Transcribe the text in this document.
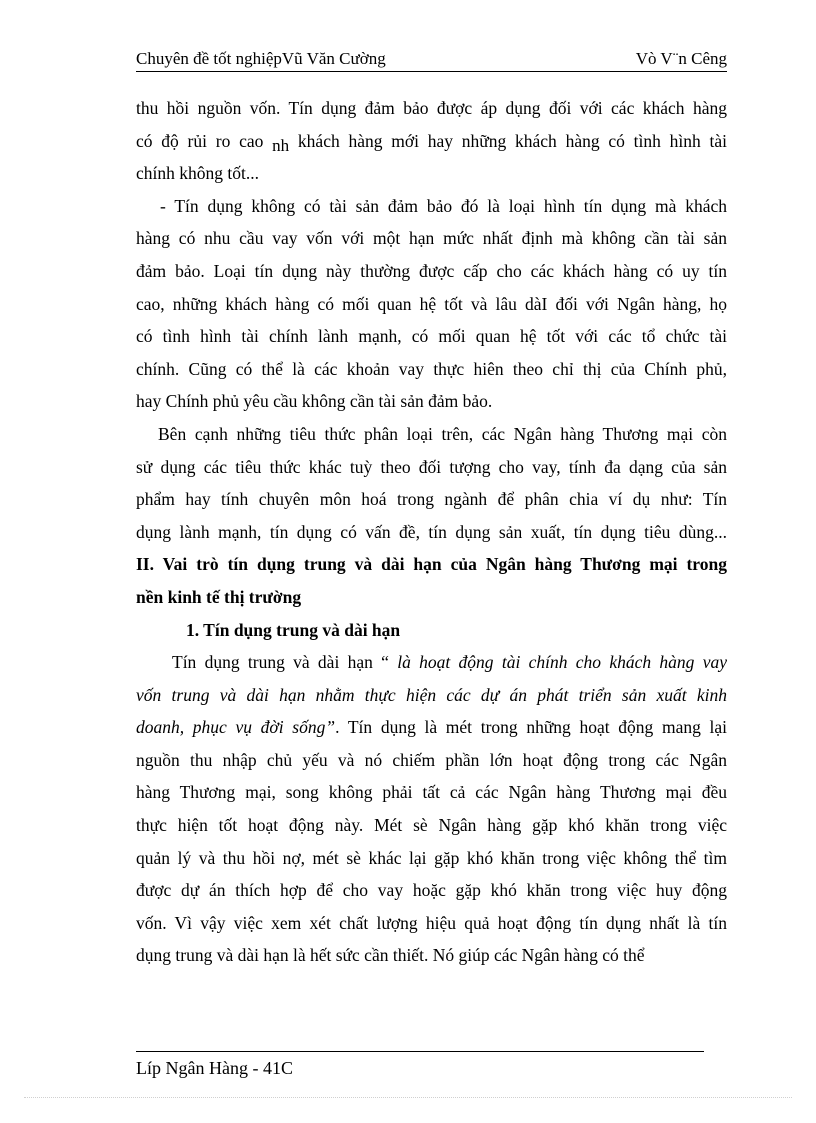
Chuyên đề tốt nghiệpVũ Văn Cường	Vò V¨n Cêng
thu hồi nguồn vốn. Tín dụng đảm bảo được áp dụng đối với các khách hàng
có độ rủi ro cao nh khách hàng mới hay những khách hàng có tình hình tài
chính không tốt...
- Tín dụng không có tài sản đảm bảo đó là loại hình tín dụng mà khách
hàng có nhu cầu vay vốn với một hạn mức nhất định mà không cần tài sản
đảm bảo. Loại tín dụng này thường được cấp cho các khách hàng có uy tín
cao, những khách hàng có mối quan hệ tốt và lâu dàI đối với Ngân hàng, họ
có tình hình tài chính lành mạnh, có mối quan hệ tốt với các tổ chức tài
chính. Cũng có thể là các khoản vay thực hiên theo chỉ thị của Chính phủ,
hay Chính phủ yêu cầu không cần tài sản đảm bảo.
Bên cạnh những tiêu thức phân loại trên, các Ngân hàng Thương mại còn
sử dụng các tiêu thức khác tuỳ theo đối tượng cho vay, tính đa dạng của sản
phẩm hay tính chuyên môn hoá trong ngành để phân chia ví dụ như: Tín
dụng lành mạnh, tín dụng có vấn đề, tín dụng sản xuất, tín dụng tiêu dùng...
II. Vai trò tín dụng trung và dài hạn của Ngân hàng Thương mại trong
nền kinh tế thị trường
1. Tín dụng trung và dài hạn
Tín dụng trung và dài hạn “ là hoạt động tài chính cho khách hàng vay
vốn trung và dài hạn nhằm thực hiện các dự án phát triển sản xuất kinh
doanh, phục vụ đời sống”. Tín dụng là mét trong những hoạt động mang lại
nguồn thu nhập chủ yếu và nó chiếm phần lớn hoạt động trong các Ngân
hàng Thương mại, song không phải tất cả các Ngân hàng Thương mại đều
thực hiện tốt hoạt động này. Mét sè Ngân hàng gặp khó khăn trong việc
quản lý và thu hồi nợ, mét sè khác lại gặp khó khăn trong việc không thể tìm
được dự án thích hợp để cho vay hoặc gặp khó khăn trong việc huy động
vốn. Vì vậy việc xem xét chất lượng hiệu quả hoạt động tín dụng nhất là tín
dụng trung và dài hạn là hết sức cần thiết. Nó giúp các Ngân hàng có thể
Líp Ngân Hàng - 41C
